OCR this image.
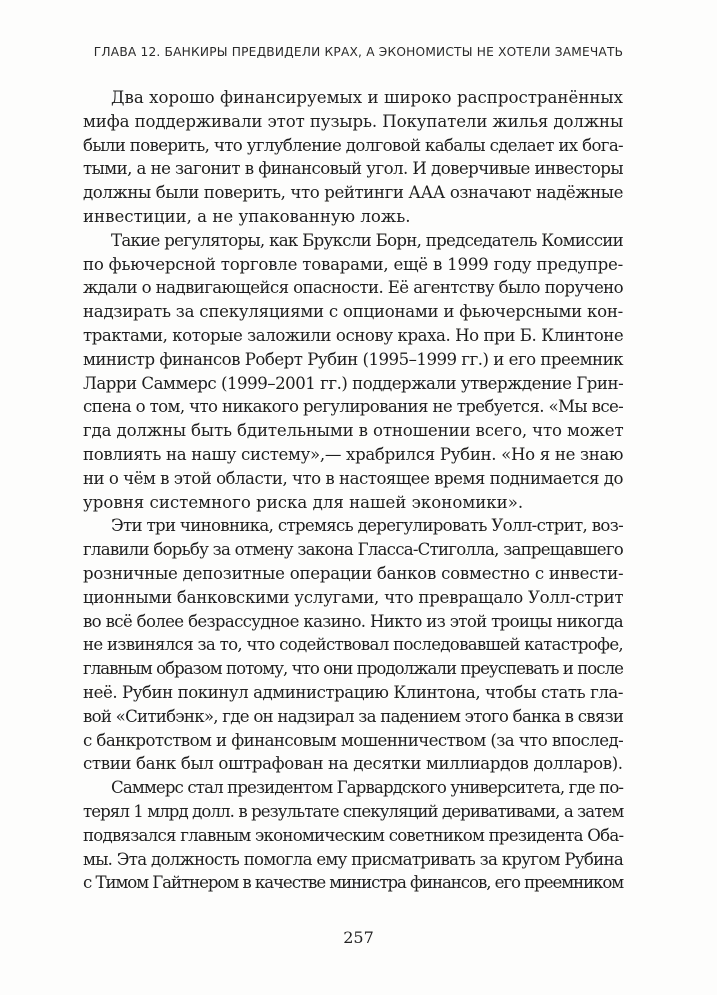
ГЛАВА 12. БАНКИРЫ ПРЕДВИДЕЛИ КРАХ, А ЭКОНОМИСТЫ НЕ ХОТЕЛИ ЗАМЕЧАТЬ
Два хорошо финансируемых и широко распространённых
мифа поддерживали этот пузырь. Покупатели жилья должны
были поверить, что углубление долговой кабалы сделает их бога-
тыми, а не загонит в финансовый угол. И доверчивые инвесторы
должны были поверить, что рейтинги ААА означают надёжные
инвестиции, а не упакованную ложь.
Такие регуляторы, как Бруксли Борн, председатель Комиссии
по фьючерсной торговле товарами, ещё в 1999 году предупре-
ждали о надвигающейся опасности. Её агентству было поручено
надзирать за спекуляциями с опционами и фьючерсными кон-
трактами, которые заложили основу краха. Но при Б. Клинтоне
министр финансов Роберт Рубин (1995–1999 гг.) и его преемник
Ларри Саммерс (1999–2001 гг.) поддержали утверждение Грин-
спена о том, что никакого регулирования не требуется. «Мы все-
гда должны быть бдительными в отношении всего, что может
повлиять на нашу систему»,— храбрился Рубин. «Но я не знаю
ни о чём в этой области, что в настоящее время поднимается до
уровня системного риска для нашей экономики».
Эти три чиновника, стремясь дерегулировать Уолл-стрит, воз-
главили борьбу за отмену закона Гласса-Стиголла, запрещавшего
розничные депозитные операции банков совместно с инвести-
ционными банковскими услугами, что превращало Уолл-стрит
во всё более безрассудное казино. Никто из этой троицы никогда
не извинялся за то, что содействовал последовавшей катастрофе,
главным образом потому, что они продолжали преуспевать и после
неё. Рубин покинул администрацию Клинтона, чтобы стать гла-
вой «Ситибэнк», где он надзирал за падением этого банка в связи
с банкротством и финансовым мошенничеством (за что впослед-
ствии банк был оштрафован на десятки миллиардов долларов).
Саммерс стал президентом Гарвардского университета, где по-
терял 1 млрд долл. в результате спекуляций деривативами, а затем
подвязался главным экономическим советником президента Оба-
мы. Эта должность помогла ему присматривать за кругом Рубина
с Тимом Гайтнером в качестве министра финансов, его преемником
257
